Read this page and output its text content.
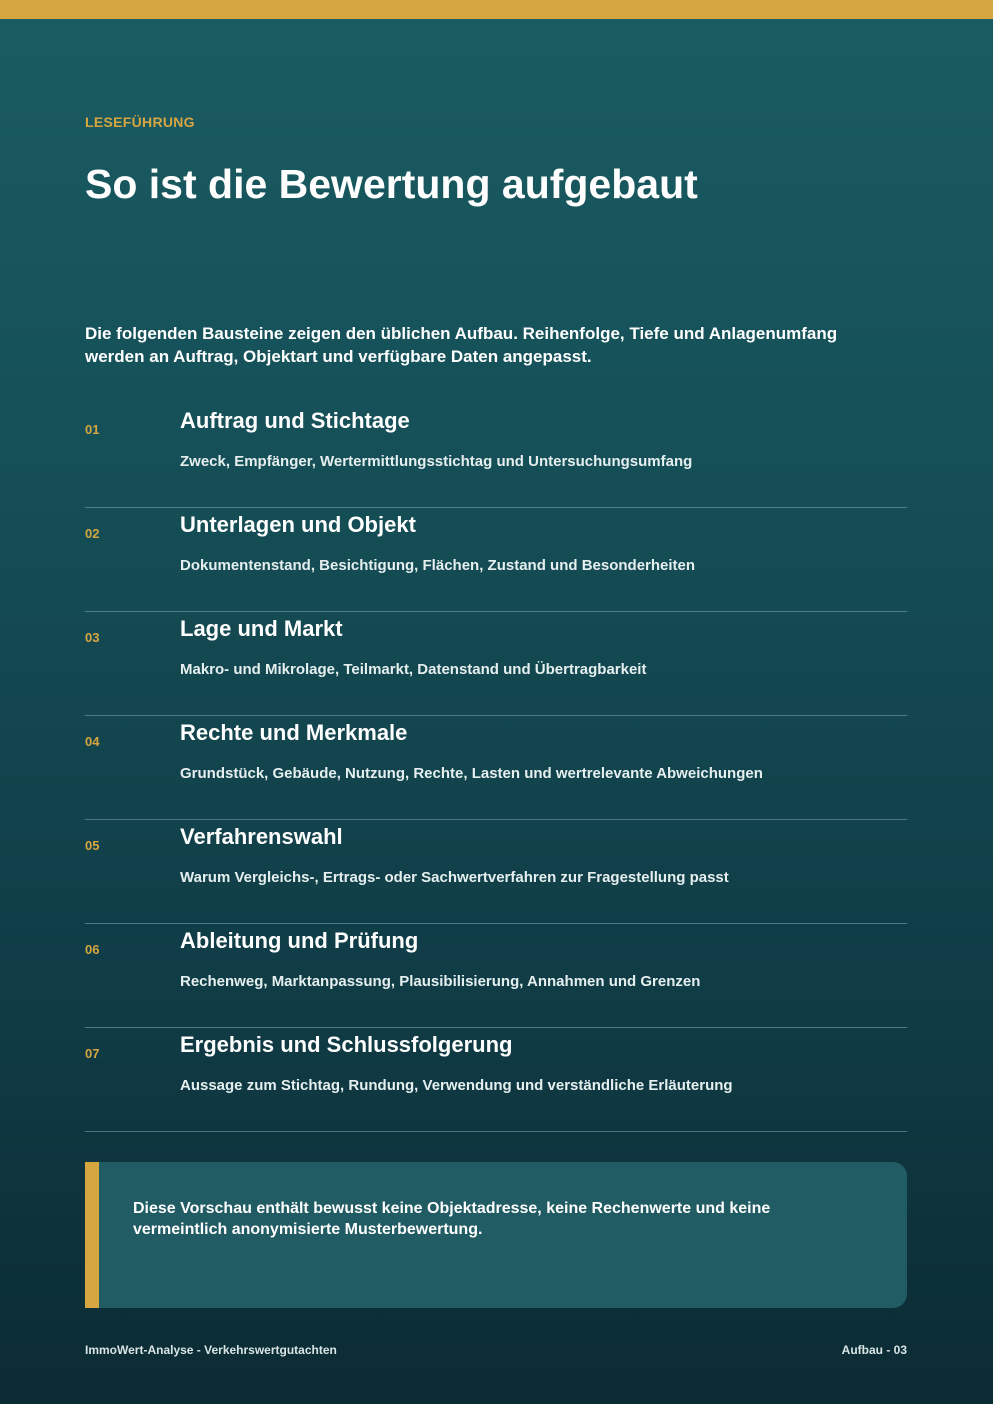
LESEFÜHRUNG
So ist die Bewertung aufgebaut
Die folgenden Bausteine zeigen den üblichen Aufbau. Reihenfolge, Tiefe und Anlagenumfang werden an Auftrag, Objektart und verfügbare Daten angepasst.
01	Auftrag und Stichtage
Zweck, Empfänger, Wertermittlungsstichtag und Untersuchungsumfang
02	Unterlagen und Objekt
Dokumentenstand, Besichtigung, Flächen, Zustand und Besonderheiten
03	Lage und Markt
Makro- und Mikrolage, Teilmarkt, Datenstand und Übertragbarkeit
04	Rechte und Merkmale
Grundstück, Gebäude, Nutzung, Rechte, Lasten und wertrelevante Abweichungen
05	Verfahrenswahl
Warum Vergleichs-, Ertrags- oder Sachwertverfahren zur Fragestellung passt
06	Ableitung und Prüfung
Rechenweg, Marktanpassung, Plausibilisierung, Annahmen und Grenzen
07	Ergebnis und Schlussfolgerung
Aussage zum Stichtag, Rundung, Verwendung und verständliche Erläuterung
Diese Vorschau enthält bewusst keine Objektadresse, keine Rechenwerte und keine vermeintlich anonymisierte Musterbewertung.
ImmoWert-Analyse - Verkehrswertgutachten	Aufbau - 03
